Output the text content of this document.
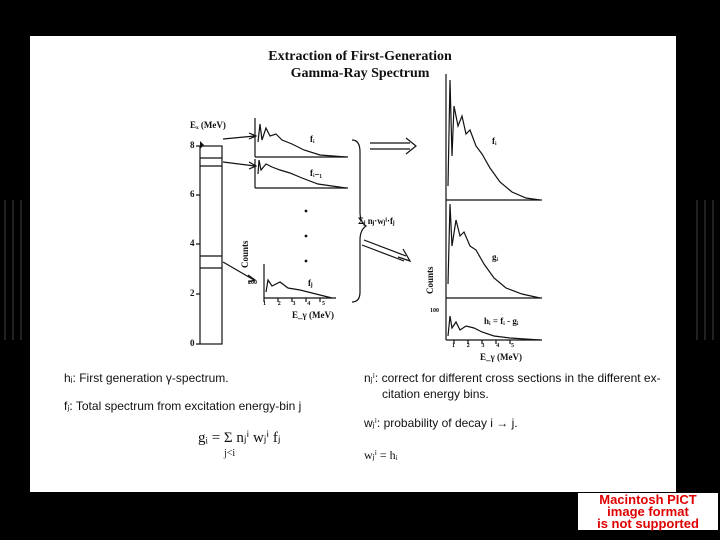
Extraction of First-Generation
Gamma-Ray Spectrum
Eₓ (MeV)
8
6
4
2
0
fᵢ
fᵢ₋₁
fⱼ
Counts
200
1 2 3 4 5
E_γ (MeV)
Σⱼ nⱼ·wⱼⁱ·fⱼ
fᵢ
gᵢ
hᵢ = fᵢ - gᵢ
Counts
100
1 2 3 4 5
E_γ (MeV)
hᵢ: First generation γ-spectrum.
fⱼ: Total spectrum from excitation energy-bin j
gᵢ = Σ nⱼⁱ wⱼⁱ fⱼ
j<i
nⱼⁱ: correct for different cross sections in the different ex-
citation energy bins.
wⱼⁱ: probability of decay i → j.
wⱼⁱ = hᵢ
Macintosh PICT
image format
is not supported
